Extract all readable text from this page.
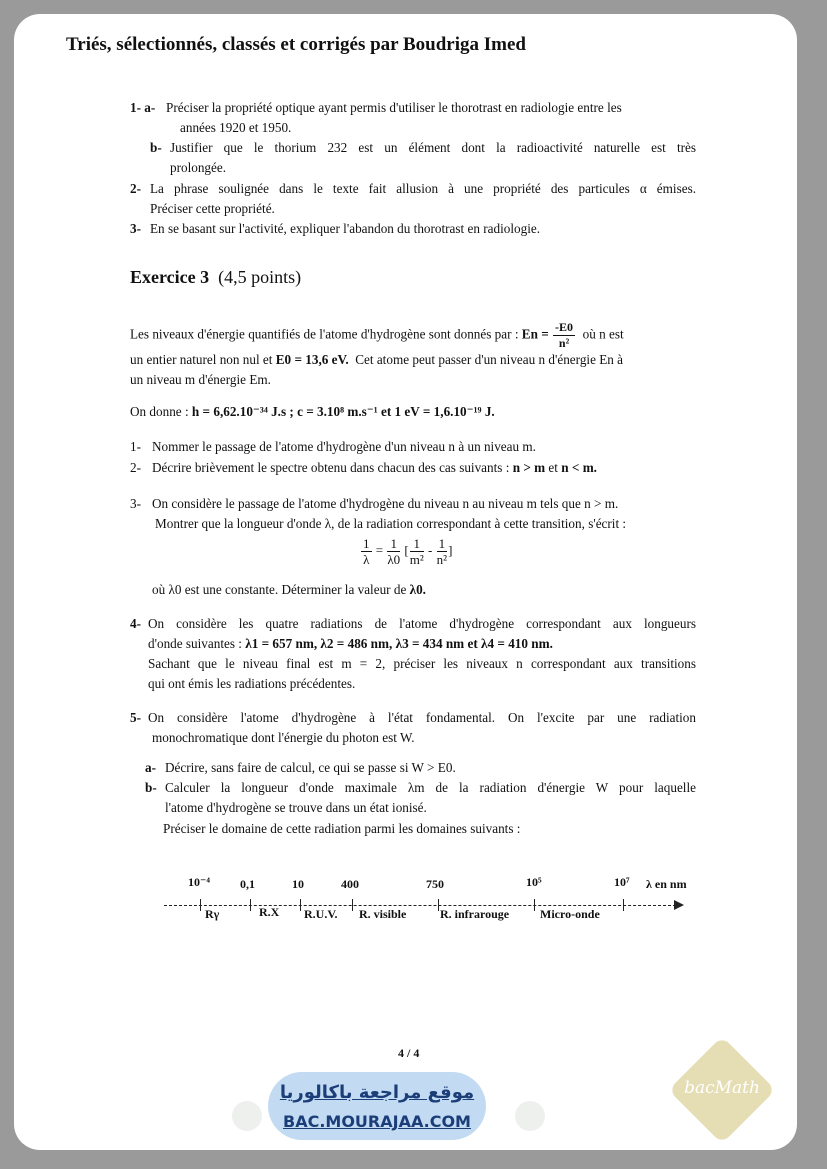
Triés, sélectionnés, classés et corrigés par Boudriga Imed
1- a- Préciser la propriété optique ayant permis d'utiliser le thorotrast en radiologie entre les
années 1920 et 1950.
b- Justifier que le thorium 232 est un élément dont la radioactivité naturelle est très
prolongée.
2- La phrase soulignée dans le texte fait allusion à une propriété des particules α émises.
Préciser cette propriété.
3- En se basant sur l'activité, expliquer l'abandon du thorotrast en radiologie.
Exercice 3 (4,5 points)
Les niveaux d'énergie quantifiés de l'atome d'hydrogène sont donnés par : $En = \frac{-E0}{\text{n²}}$ où n est
un entier naturel non nul et E0 = 13,6 eV. Cet atome peut passer d'un niveau n d'énergie En à
un niveau m d'énergie Em.
On donne : h = 6,62.10⁻³⁴ J.s ; c = 3.10⁸ m.s⁻¹ et 1 eV = 1,6.10⁻¹⁹ J.
1- Nommer le passage de l'atome d'hydrogène d'un niveau n à un niveau m.
2- Décrire brièvement le spectre obtenu dans chacun des cas suivants : n > m et n < m.
3- On considère le passage de l'atome d'hydrogène du niveau n au niveau m tels que n > m.
Montrer que la longueur d'onde λ, de la radiation correspondant à cette transition, s'écrit :
$\frac{1}{\lambda} = \frac{1}{\lambda 0}$ [ $\frac{1}{\text{m²}} - \frac{1}{\text{n²}}$ ]
où λ0 est une constante. Déterminer la valeur de λ0.
4- On considère les quatre radiations de l'atome d'hydrogène correspondant aux longueurs
d'onde suivantes : λ1 = 657 nm, λ2 = 486 nm, λ3 = 434 nm et λ4 = 410 nm.
Sachant que le niveau final est m = 2, préciser les niveaux n correspondant aux transitions
qui ont émis les radiations précédentes.
5- On considère l'atome d'hydrogène à l'état fondamental. On l'excite par une radiation
monochromatique dont l'énergie du photon est W.
a- Décrire, sans faire de calcul, ce qui se passe si W > E0.
b- Calculer la longueur d'onde maximale λm de la radiation d'énergie W pour laquelle
l'atome d'hydrogène se trouve dans un état ionisé.
Préciser le domaine de cette radiation parmi les domaines suivants :
10⁻⁴	0,1	10	400	750	10⁵	10⁷ λ en nm
Rγ	R.X R.U.V. R. visible	R. infrarouge	Micro-onde
4 / 4
موقع مراجعة باكالوريا
BAC.MOURAJAA.COM
bacMath
